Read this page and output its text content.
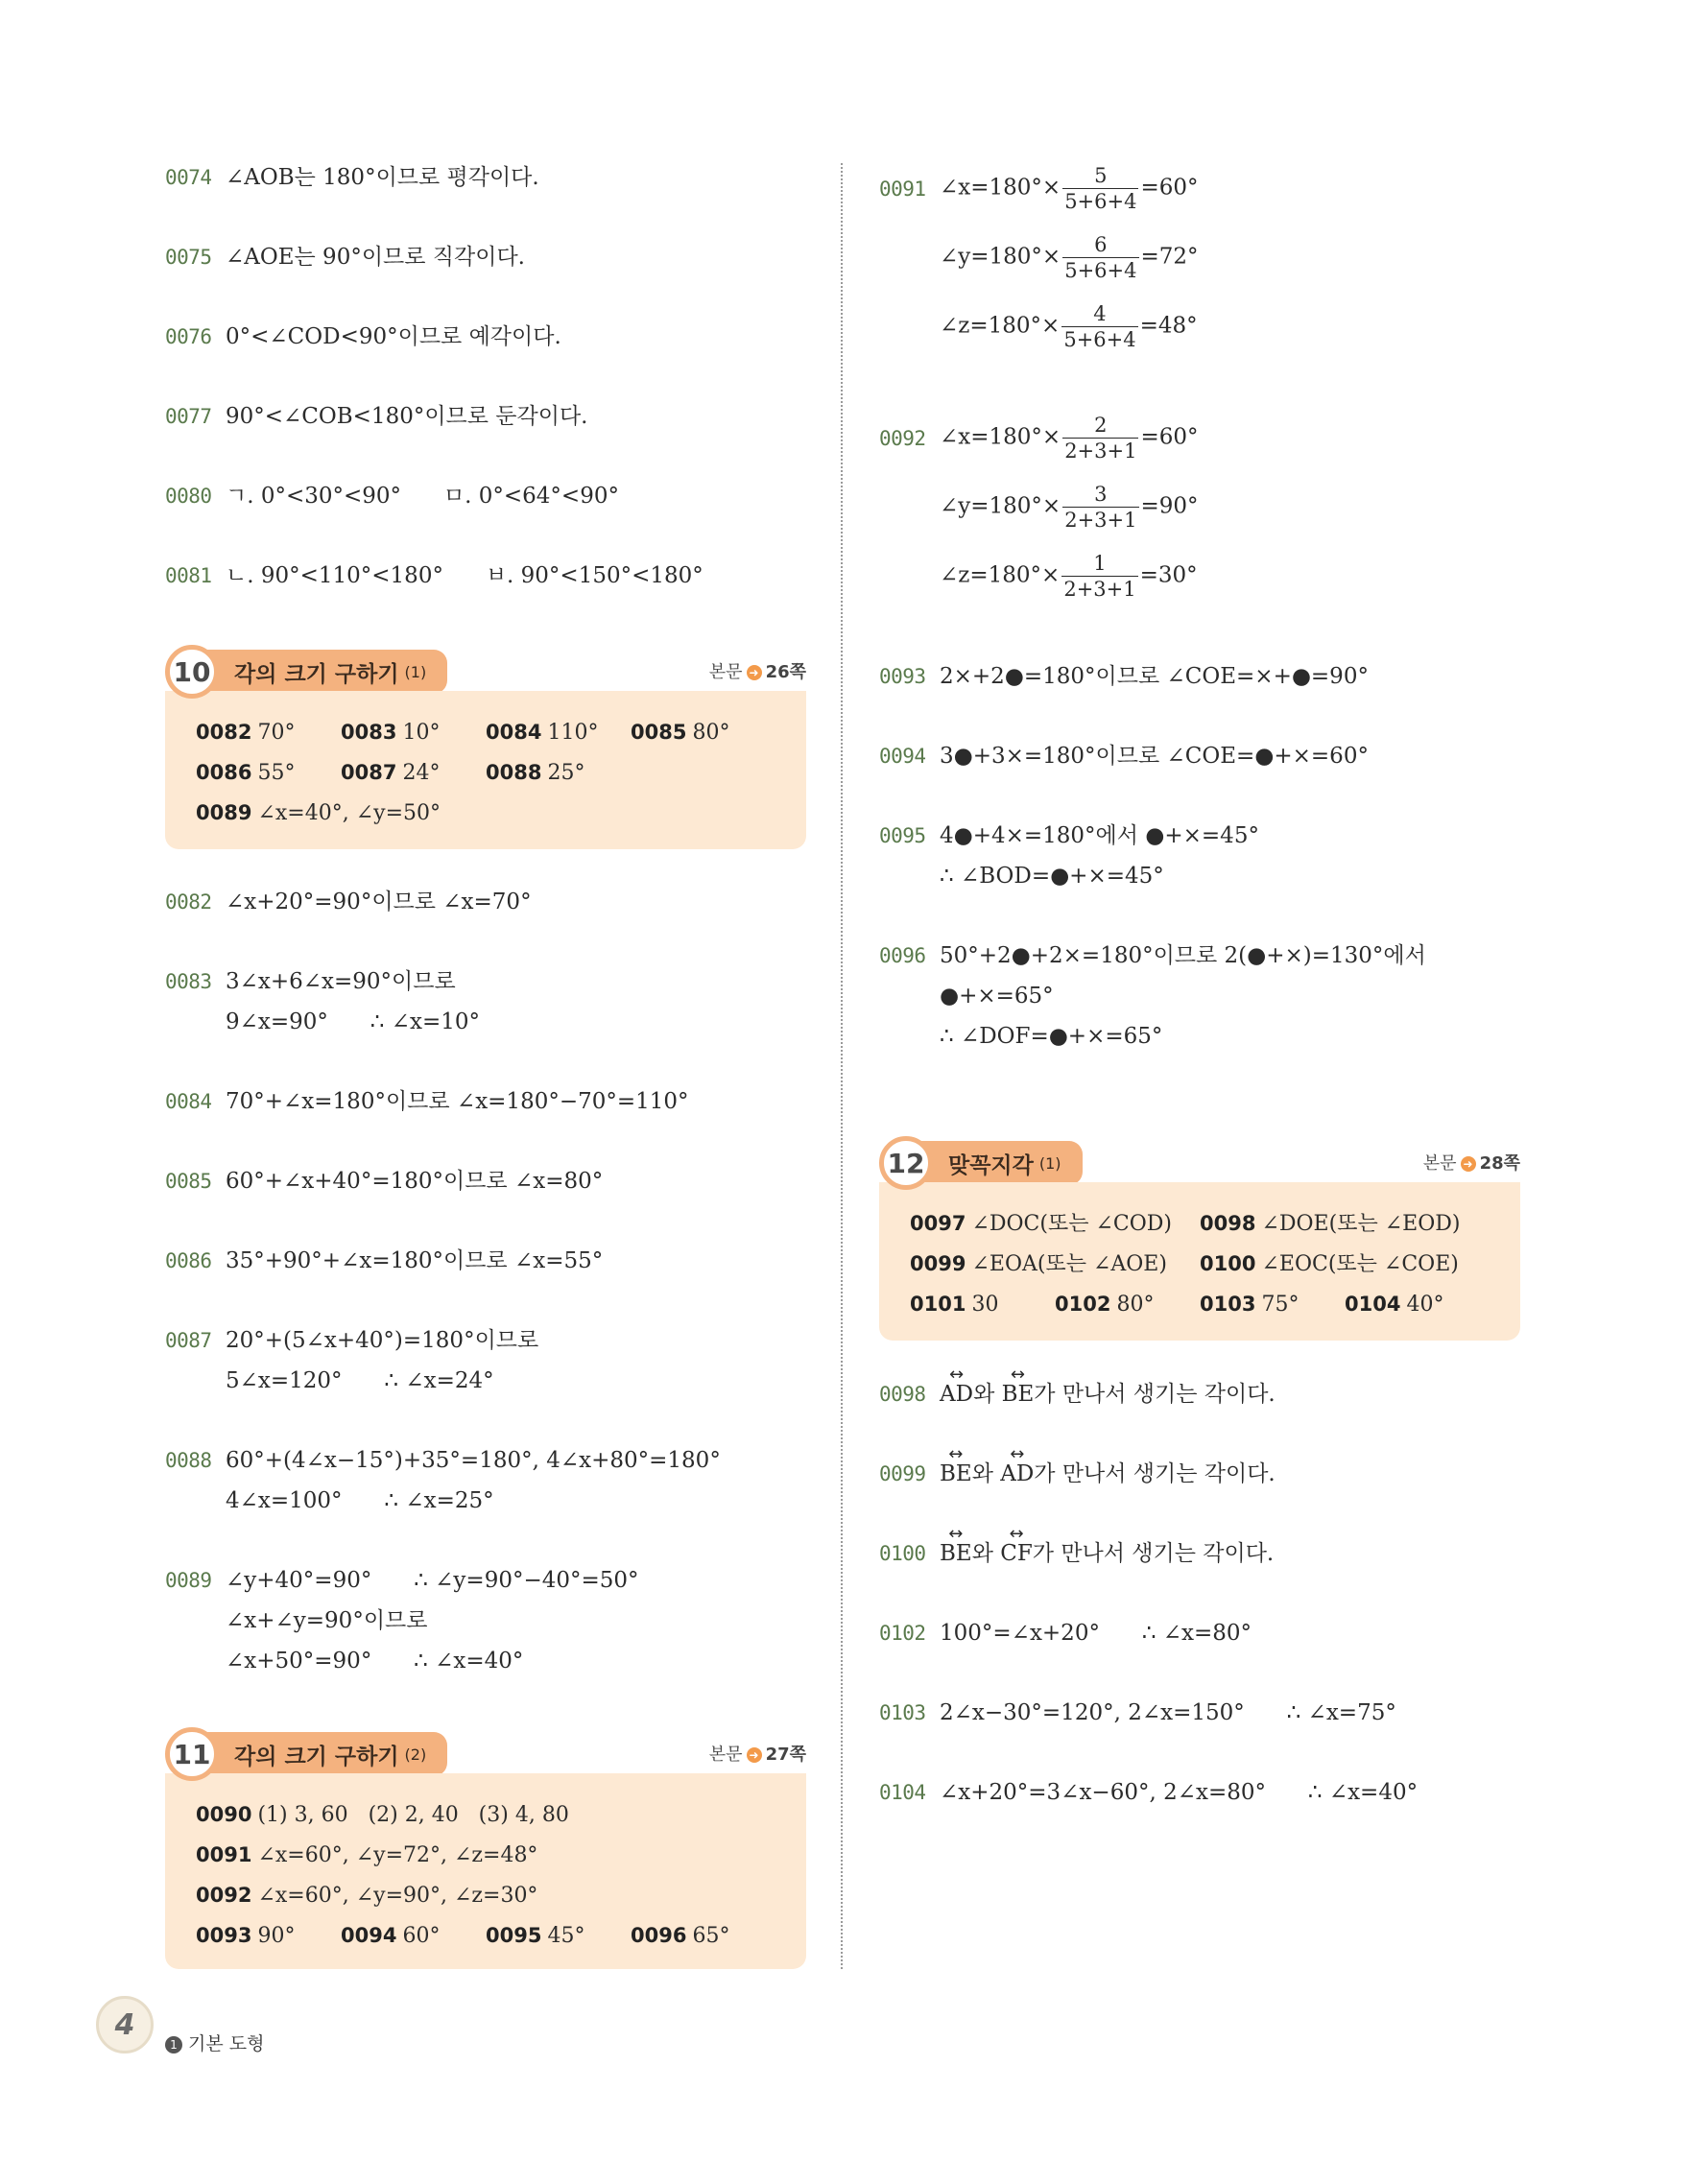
0074 ∠AOB는 180°이므로 평각이다.
0075 ∠AOE는 90°이므로 직각이다.
0076 0°<∠COD<90°이므로 예각이다.
0077 90°<∠COB<180°이므로 둔각이다.
0080 ㄱ. 0°<30°<90°      ㅁ. 0°<64°<90°
0081 ㄴ. 90°<110°<180°      ㅂ. 90°<150°<180°
10	각의 크기 구하기 (1)	본문 ➜ 26쪽
0082 70° 0083 10° 0084 110° 0085 80°
0086 55° 0087 24° 0088 25°
0089 ∠x=40°, ∠y=50°
0082 ∠x+20°=90°이므로 ∠x=70°
0083 3∠x+6∠x=90°이므로
9∠x=90°      ∴ ∠x=10°
0084 70°+∠x=180°이므로 ∠x=180°−70°=110°
0085 60°+∠x+40°=180°이므로 ∠x=80°
0086 35°+90°+∠x=180°이므로 ∠x=55°
0087 20°+(5∠x+40°)=180°이므로
5∠x=120°      ∴ ∠x=24°
0088 60°+(4∠x−15°)+35°=180°, 4∠x+80°=180°
4∠x=100°      ∴ ∠x=25°
0089 ∠y+40°=90°      ∴ ∠y=90°−40°=50°
∠x+∠y=90°이므로
∠x+50°=90°      ∴ ∠x=40°
11	각의 크기 구하기 (2)	본문 ➜ 27쪽
0090 (1) 3, 60   (2) 2, 40   (3) 4, 80
0091 ∠x=60°, ∠y=72°, ∠z=48°
0092 ∠x=60°, ∠y=90°, ∠z=30°
0093 90° 0094 60° 0095 45° 0096 65°
0091 ∠x=180°× $\frac{5}{5+6+4} =60^\circ$
∠y=180°× $\frac{6}{5+6+4} =72^\circ$
∠z=180°× $\frac{4}{5+6+4} =48^\circ$
0092 ∠x=180°× $\frac{2}{2+3+1} =60^\circ$
∠y=180°× $\frac{3}{2+3+1} =90^\circ$
∠z=180°× $\frac{1}{2+3+1} =30^\circ$
0093 2×+2●=180°이므로 ∠COE=×+●=90°
0094 3●+3×=180°이므로 ∠COE=●+×=60°
0095 4●+4×=180°에서 ●+×=45°
∴ ∠BOD=●+×=45°
0096 50°+2●+2×=180°이므로 2(●+×)=130°에서
●+×=65°
∴ ∠DOF=●+×=65°
12	맞꼭지각 (1)	본문 ➜ 28쪽
0097 ∠DOC(또는 ∠COD) 0098 ∠DOE(또는 ∠EOD)
0099 ∠EOA(또는 ∠AOE) 0100 ∠EOC(또는 ∠COE)
0101 30	0102 80° 0103 75° 0104 40°
0098 ↔ AD와 ↔ BE가 만나서 생기는 각이다.
0099 ↔ BE와 ↔ AD가 만나서 생기는 각이다.
0100 ↔ BE와 ↔ CF가 만나서 생기는 각이다.
0102 100°=∠x+20°      ∴ ∠x=80°
0103 2∠x−30°=120°, 2∠x=150°      ∴ ∠x=75°
0104 ∠x+20°=3∠x−60°, 2∠x=80°      ∴ ∠x=40°
4
1 기본 도형
